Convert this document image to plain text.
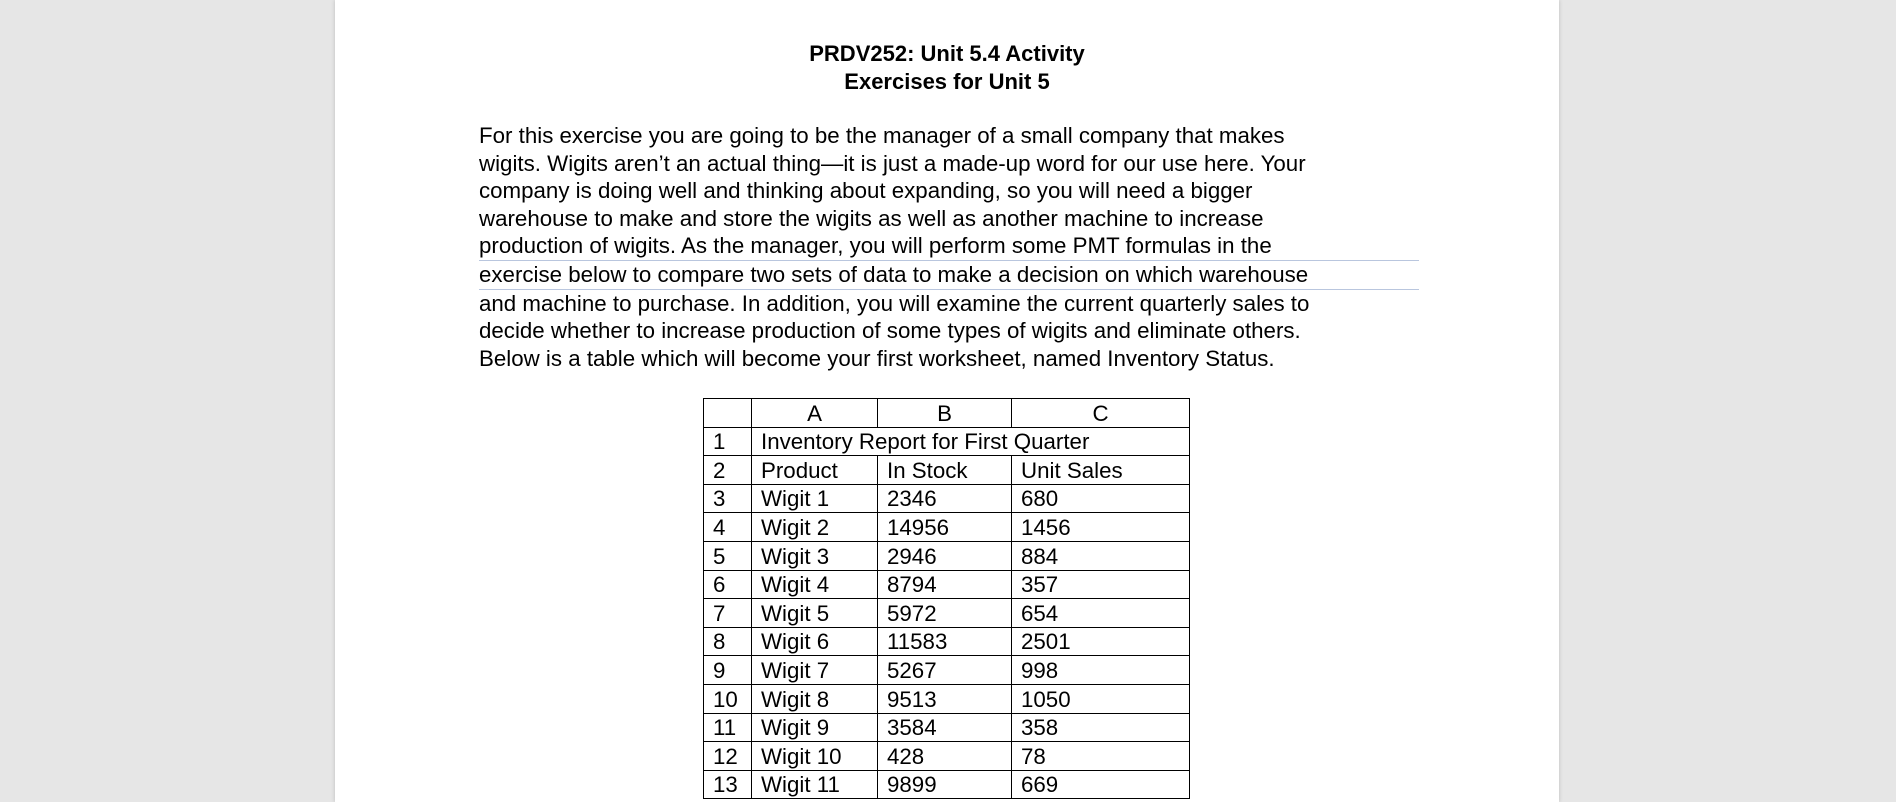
PRDV252: Unit 5.4 Activity
Exercises for Unit 5
For this exercise you are going to be the manager of a small company that makes
wigits. Wigits aren’t an actual thing—it is just a made-up word for our use here. Your
company is doing well and thinking about expanding, so you will need a bigger
warehouse to make and store the wigits as well as another machine to increase
production of wigits. As the manager, you will perform some PMT formulas in the
exercise below to compare two sets of data to make a decision on which warehouse
and machine to purchase. In addition, you will examine the current quarterly sales to
decide whether to increase production of some types of wigits and eliminate others.
Below is a table which will become your first worksheet, named Inventory Status.
	A	B	C
1	Inventory Report for First Quarter		
2	Product	In Stock	Unit Sales
3	Wigit 1	2346	680
4	Wigit 2	14956	1456
5	Wigit 3	2946	884
6	Wigit 4	8794	357
7	Wigit 5	5972	654
8	Wigit 6	11583	2501
9	Wigit 7	5267	998
10	Wigit 8	9513	1050
11	Wigit 9	3584	358
12	Wigit 10	428	78
13	Wigit 11	9899	669
